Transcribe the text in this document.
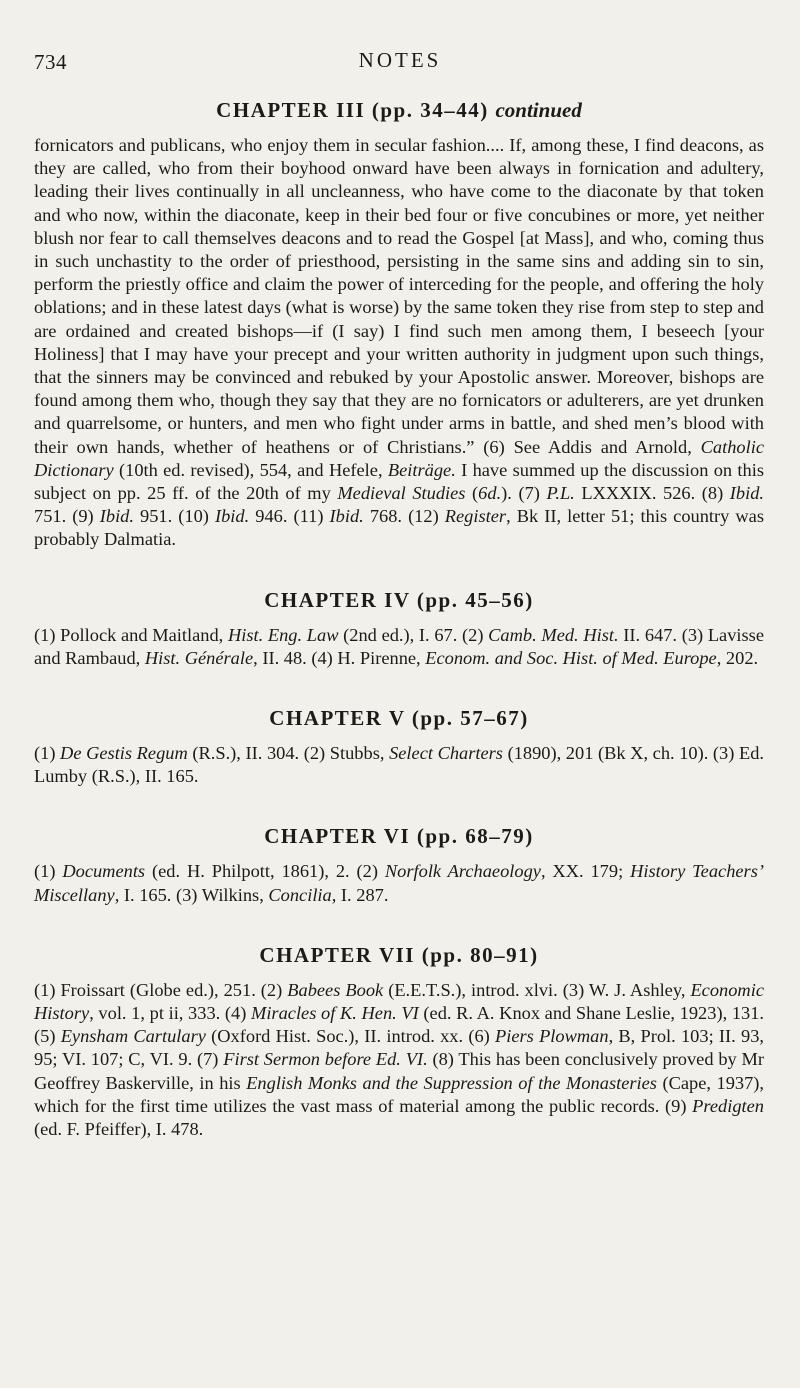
734	NOTES
CHAPTER III (pp. 34–44) continued

fornicators and publicans, who enjoy them in secular fashion.... If, among these, I find deacons, as they are called, who from their boyhood onward have been always in fornication and adultery, leading their lives continually in all uncleanness, who have come to the diaconate by that token and who now, within the diaconate, keep in their bed four or five concubines or more, yet neither blush nor fear to call themselves deacons and to read the Gospel [at Mass], and who, coming thus in such unchastity to the order of priesthood, persisting in the same sins and adding sin to sin, perform the priestly office and claim the power of interceding for the people, and offering the holy oblations; and in these latest days (what is worse) by the same token they rise from step to step and are ordained and created bishops—if (I say) I find such men among them, I beseech [your Holiness] that I may have your precept and your written authority in judgment upon such things, that the sinners may be convinced and rebuked by your Apostolic answer. Moreover, bishops are found among them who, though they say that they are no fornicators or adulterers, are yet drunken and quarrelsome, or hunters, and men who fight under arms in battle, and shed men’s blood with their own hands, whether of heathens or of Christians.” (6) See Addis and Arnold, Catholic Dictionary (10th ed. revised), 554, and Hefele, Beiträge. I have summed up the discussion on this subject on pp. 25 ff. of the 20th of my Medieval Studies (6d.). (7) P.L. LXXXIX. 526. (8) Ibid. 751. (9) Ibid. 951. (10) Ibid. 946. (11) Ibid. 768. (12) Register, Bk II, letter 51; this country was probably Dalmatia.

CHAPTER IV (pp. 45–56)

(1) Pollock and Maitland, Hist. Eng. Law (2nd ed.), I. 67. (2) Camb. Med. Hist. II. 647. (3) Lavisse and Rambaud, Hist. Générale, II. 48. (4) H. Pirenne, Econom. and Soc. Hist. of Med. Europe, 202.

CHAPTER V (pp. 57–67)

(1) De Gestis Regum (R.S.), II. 304. (2) Stubbs, Select Charters (1890), 201 (Bk X, ch. 10). (3) Ed. Lumby (R.S.), II. 165.

CHAPTER VI (pp. 68–79)

(1) Documents (ed. H. Philpott, 1861), 2. (2) Norfolk Archaeology, XX. 179; History Teachers’ Miscellany, I. 165. (3) Wilkins, Concilia, I. 287.

CHAPTER VII (pp. 80–91)

(1) Froissart (Globe ed.), 251. (2) Babees Book (E.E.T.S.), introd. xlvi. (3) W. J. Ashley, Economic History, vol. 1, pt ii, 333. (4) Miracles of K. Hen. VI (ed. R. A. Knox and Shane Leslie, 1923), 131. (5) Eynsham Cartulary (Oxford Hist. Soc.), II. introd. xx. (6) Piers Plowman, B, Prol. 103; II. 93, 95; VI. 107; C, VI. 9. (7) First Sermon before Ed. VI. (8) This has been conclusively proved by Mr Geoffrey Baskerville, in his English Monks and the Suppression of the Monasteries (Cape, 1937), which for the first time utilizes the vast mass of material among the public records. (9) Predigten (ed. F. Pfeiffer), I. 478.
